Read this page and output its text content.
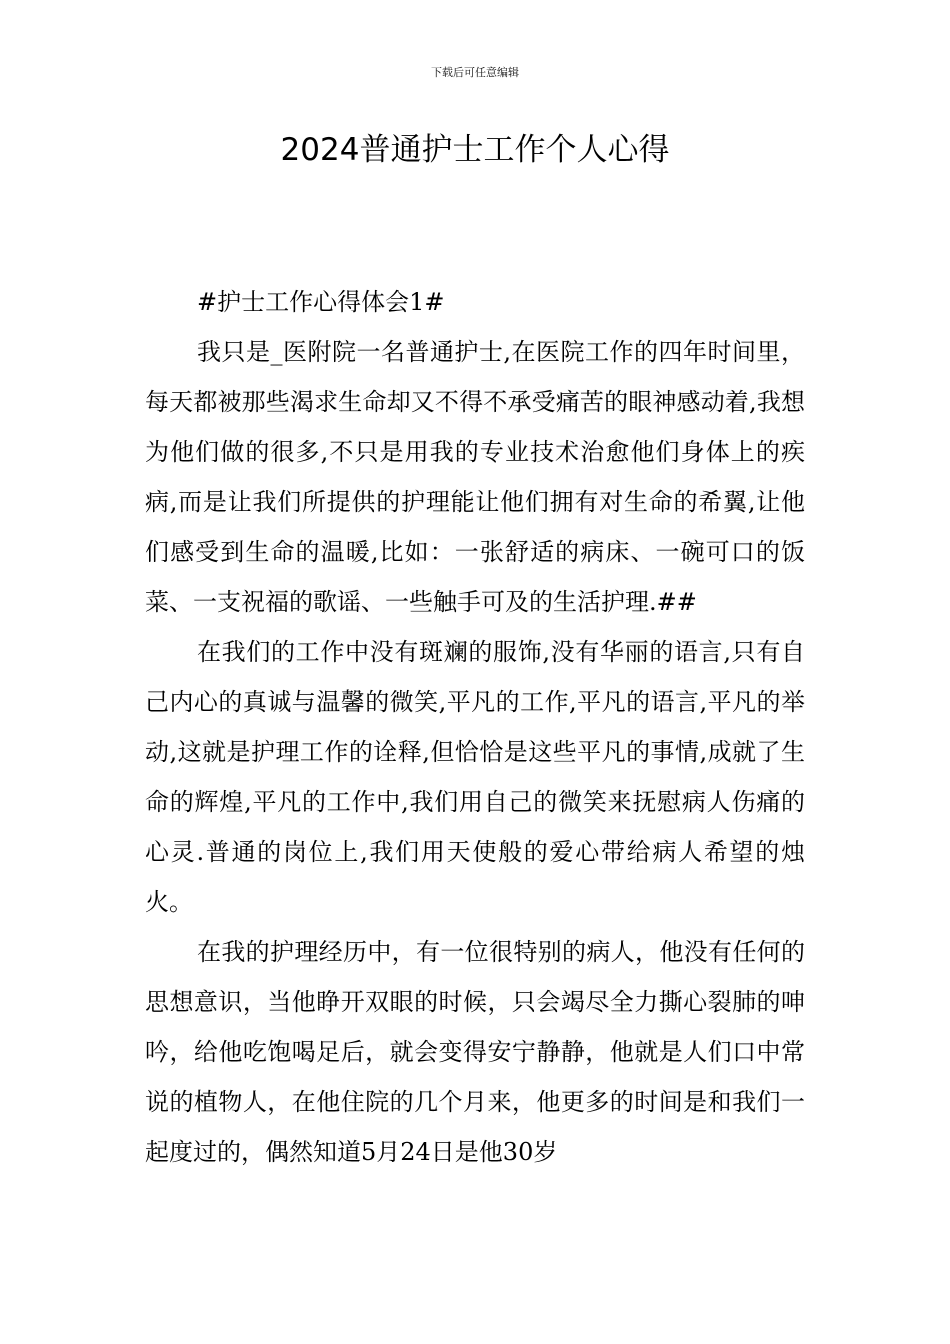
下载后可任意编辑
2024普通护士工作个人心得

#护士工作心得体会1#

我只是_医附院一名普通护士,在医院工作的四年时间里，每天都被那些渴求生命却又不得不承受痛苦的眼神感动着,我想为他们做的很多,不只是用我的专业技术治愈他们身体上的疾病,而是让我们所提供的护理能让他们拥有对生命的希翼,让他们感受到生命的温暖,比如：一张舒适的病床、一碗可口的饭菜、一支祝福的歌谣、一些触手可及的生活护理.##

在我们的工作中没有斑斓的服饰,没有华丽的语言,只有自己内心的真诚与温馨的微笑,平凡的工作,平凡的语言,平凡的举动,这就是护理工作的诠释,但恰恰是这些平凡的事情,成就了生命的辉煌,平凡的工作中,我们用自己的微笑来抚慰病人伤痛的心灵.普通的岗位上,我们用天使般的爱心带给病人希望的烛火。

在我的护理经历中，有一位很特别的病人，他没有任何的思想意识，当他睁开双眼的时候，只会竭尽全力撕心裂肺的呻吟，给他吃饱喝足后，就会变得安宁静静，他就是人们口中常说的植物人，在他住院的几个月来，他更多的时间是和我们一起度过的，偶然知道5月24日是他30岁
